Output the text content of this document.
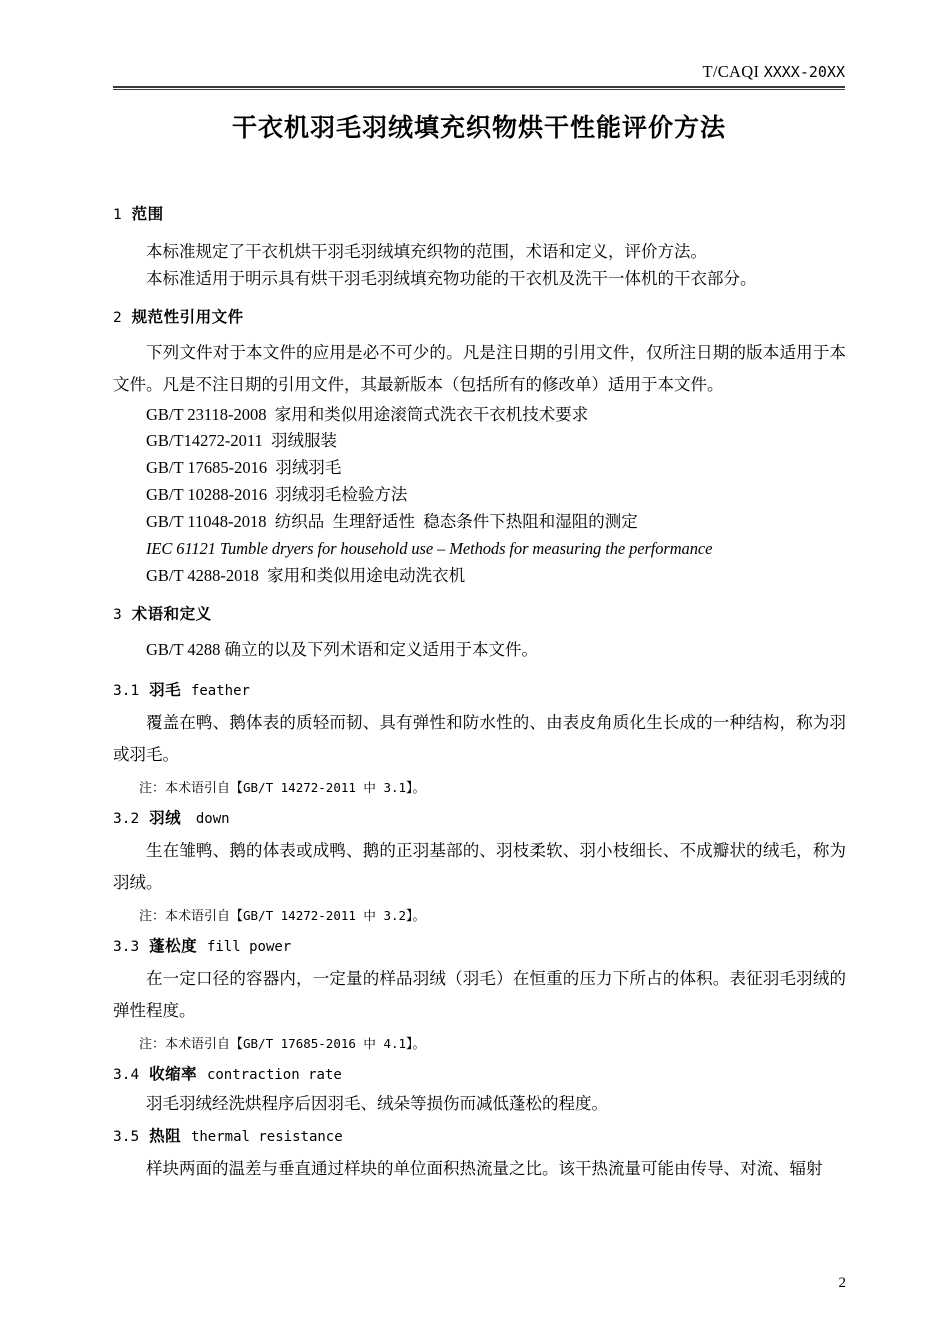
T/CAQI XXXX-20XX
干衣机羽毛羽绒填充织物烘干性能评价方法
1 范围
本标准规定了干衣机烘干羽毛羽绒填充织物的范围，术语和定义，评价方法。
本标准适用于明示具有烘干羽毛羽绒填充物功能的干衣机及洗干一体机的干衣部分。
2 规范性引用文件
下列文件对于本文件的应用是必不可少的。凡是注日期的引用文件，仅所注日期的版本适用于本文件。凡是不注日期的引用文件，其最新版本（包括所有的修改单）适用于本文件。
GB/T 23118-2008  家用和类似用途滚筒式洗衣干衣机技术要求
GB/T14272-2011  羽绒服装
GB/T 17685-2016  羽绒羽毛
GB/T 10288-2016  羽绒羽毛检验方法
GB/T 11048-2018  纺织品  生理舒适性  稳态条件下热阻和湿阻的测定
IEC 61121 Tumble dryers for household use – Methods for measuring the performance
GB/T 4288-2018  家用和类似用途电动洗衣机
3 术语和定义
GB/T 4288 确立的以及下列术语和定义适用于本文件。
3.1 羽毛 feather
覆盖在鸭、鹅体表的质轻而韧、具有弹性和防水性的、由表皮角质化生长成的一种结构，称为羽或羽毛。
注：本术语引自【GB/T 14272-2011 中 3.1】。
3.2 羽绒 down
生在雏鸭、鹅的体表或成鸭、鹅的正羽基部的、羽枝柔软、羽小枝细长、不成瓣状的绒毛，称为羽绒。
注：本术语引自【GB/T 14272-2011 中 3.2】。
3.3 蓬松度 fill power
在一定口径的容器内，一定量的样品羽绒（羽毛）在恒重的压力下所占的体积。表征羽毛羽绒的弹性程度。
注：本术语引自【GB/T 17685-2016 中 4.1】。
3.4 收缩率 contraction rate
羽毛羽绒经洗烘程序后因羽毛、绒朵等损伤而减低蓬松的程度。
3.5 热阻 thermal resistance
样块两面的温差与垂直通过样块的单位面积热流量之比。该干热流量可能由传导、对流、辐射
2
